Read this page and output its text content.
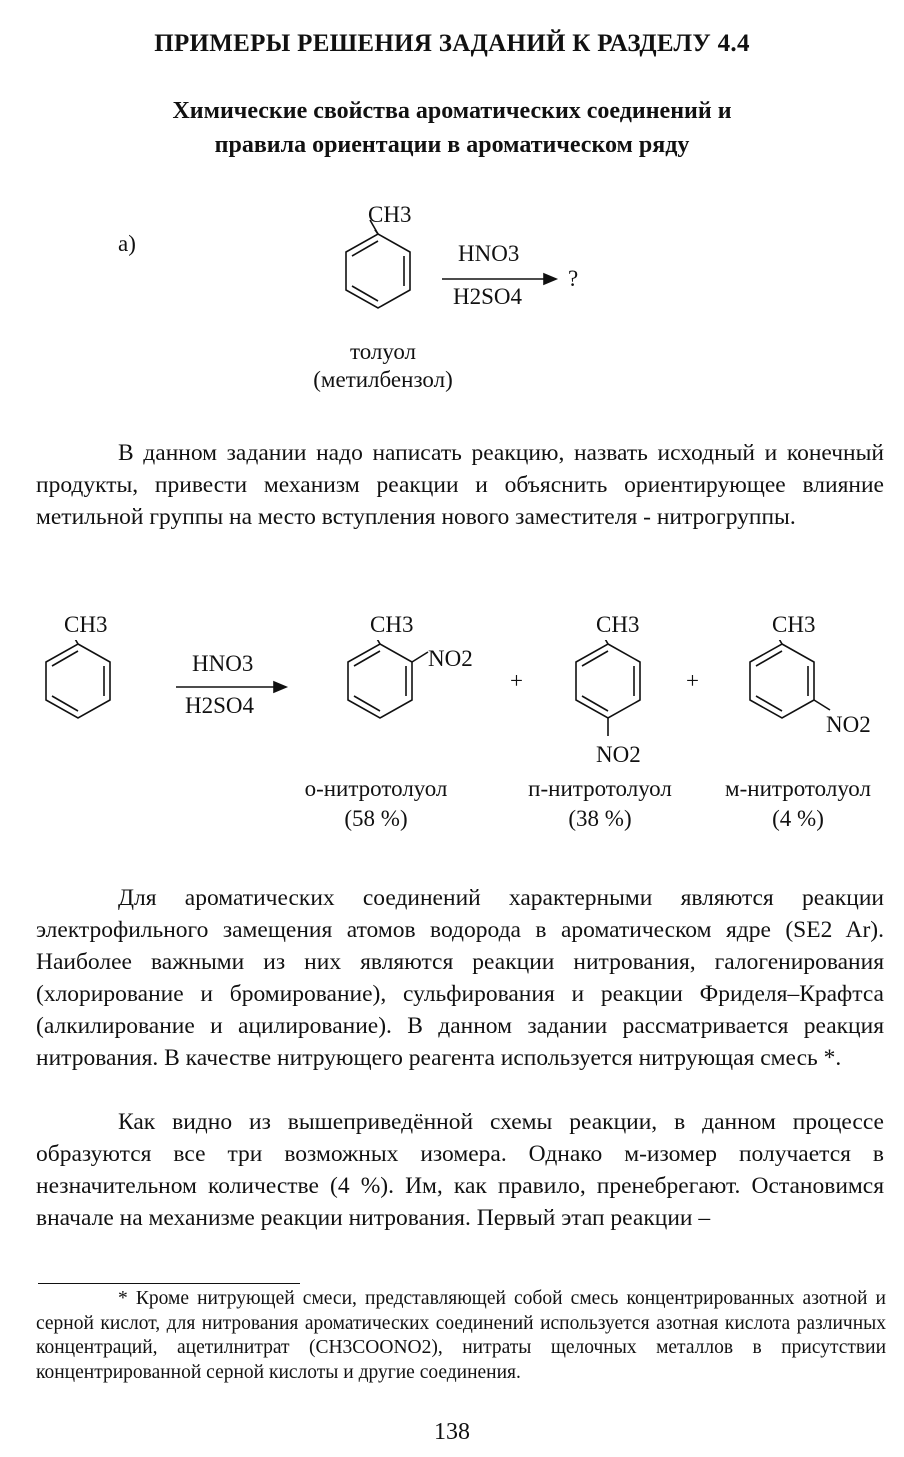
ПРИМЕРЫ РЕШЕНИЯ ЗАДАНИЙ К РАЗДЕЛУ 4.4
Химические свойства ароматических соединений и
правила ориентации в ароматическом ряду
а)
CH3
HNO3
H2SO4
?
толуол
(метилбензол)
В данном задании надо написать реакцию, назвать исходный и конечный продукты, привести механизм реакции и объяснить ориентирующее влияние метильной группы на место вступления нового заместителя - нитрогруппы.
CH3
HNO3
H2SO4
CH3
NO2
+
CH3
NO2
+
CH3
NO2
о-нитротолуол
(58 %)
п-нитротолуол
(38 %)
м-нитротолуол
(4 %)
Для ароматических соединений характерными являются реакции электрофильного замещения атомов водорода в ароматическом ядре (SE2 Ar). Наиболее важными из них являются реакции нитрования, галогенирования (хлорирование и бромирование), сульфирования и реакции Фриделя–Крафтса (алкилирование и ацилирование). В данном задании рассматривается реакция нитрования. В качестве нитрующего реагента используется нитрующая смесь *.
Как видно из вышеприведённой схемы реакции, в данном процессе образуются все три возможных изомера. Однако м-изомер получается в незначительном количестве (4 %). Им, как правило, пренебрегают. Остановимся вначале на механизме реакции нитрования. Первый этап реакции –
* Кроме нитрующей смеси, представляющей собой смесь концентрированных азотной и серной кислот, для нитрования ароматических соединений используется азотная кислота различных концентраций, ацетилнитрат (CH3COONO2), нитраты щелочных металлов в присутствии концентрированной серной кислоты и другие соединения.
138
